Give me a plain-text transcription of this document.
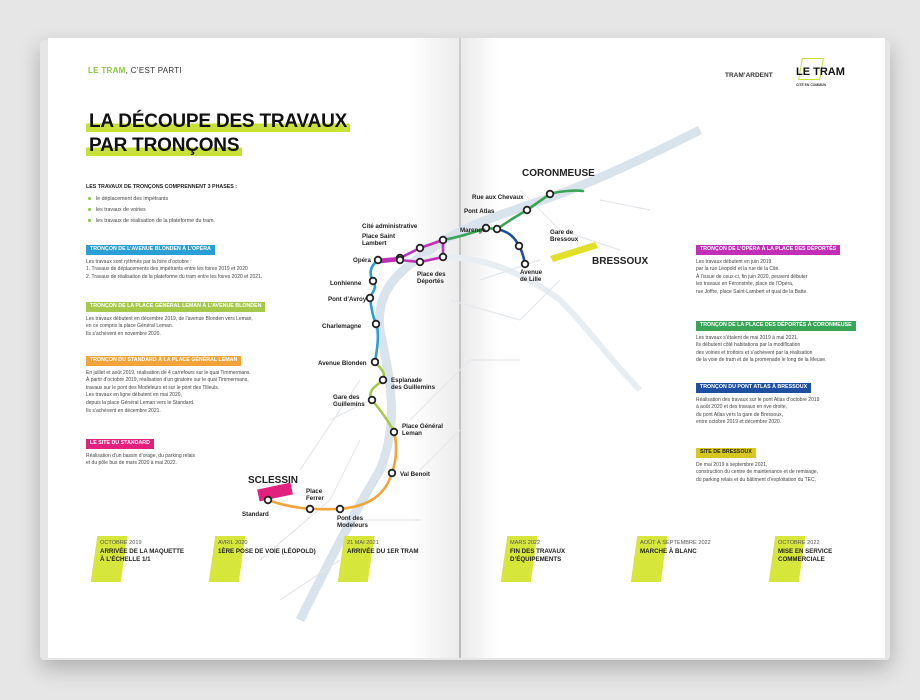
LE TRAM, C’EST PARTI
LA DÉCOUPE DES TRAVAUX
PAR TRONÇONS
LES TRAVAUX DE TRONÇONS COMPRENNENT 3 PHASES :
le déplacement des impétrants
les travaux de voiries
les travaux de réalisation de la plateforme du tram.
TRONÇON DE L’AVENUE BLONDEN À L’OPÉRA
Les travaux sont rythmés par la foire d’octobre :
1. Travaux de déplacements des impétrants entre les foires 2019 et 2020
2. Travaux de réalisation de la plateforme du tram entre les foires 2020 et 2021.
TRONÇON DE LA PLACE GÉNÉRAL LEMAN À L’AVENUE BLONDEN
Les travaux débutent en décembre 2019, de l’avenue Blonden vers Leman,
en ce compris la place Général Leman.
Ils s’achèvent en novembre 2020.
TRONÇON DU STANDARD À LA PLACE GÉNÉRAL LEMAN
En juillet et août 2019, réalisation de 4 carrefours sur le quai Timmermans.
À partir d’octobre 2019, réalisation d’un giratoire sur le quai Timmermans,
travaux sur le pont des Modeleurs et sur le pont des Tilleuls.
Les travaux en ligne débutent en mai 2020,
depuis la place Général Leman vers le Standard.
Ils s’achèvent en décembre 2021.
LE SITE DU STANDARD
Réalisation d’un bassin d’orage, du parking relais
et du pôle bus de mars 2020 à mai 2022.
TRAM’ARDENT LE TRAM
CITÉ EN COMMUN
TRONÇON DE L’OPÉRA À LA PLACE DES DÉPORTÉS
Les travaux débutent en juin 2019
par la rue Léopold et la rue de la Cité.
À l’issue de ceux-ci, fin juin 2020, peuvent débuter
les travaux en Féronstrée, place de l’Opéra,
rue Joffre, place Saint-Lambert et quai de la Batte.
TRONÇON DE LA PLACE DES DÉPORTÉS À CORONMEUSE
Les travaux s’étalent de mai 2019 à mai 2021.
Ils débutent côté habitations par la modification
des voiries et trottoirs et s’achèvent par la réalisation
de la voie de tram et de la promenade le long de la Meuse.
TRONÇON DU PONT ATLAS À BRESSOUX
Réalisation des travaux sur le pont Atlas d’octobre 2019
à août 2020 et des travaux en rive droite,
du pont Atlas vers la gare de Bressoux,
entre octobre 2019 et décembre 2020.
SITE DE BRESSOUX
De mai 2019 à septembre 2021,
construction du centre de maintenance et de remisage,
du parking relais et du bâtiment d’exploitation du TEC.
CORONMEUSE
SCLESSIN
BRESSOUX
Standard
Val Benoit
Avenue Blonden
Charlemagne
Pont d’Avroy
Lonhienne
Opéra
Cité administrative
Marengo
Pont Atlas
Rue aux Chevaux
Place Ferrer
Pont des Modeleurs
Place Général Leman
Gare des Guillemins
Esplanade des Guillemins
Place Saint Lambert
Place des Déportés
Gare de Bressoux
Avenue de Lille
OCTOBRE 2019
ARRIVÉE DE LA MAQUETTE
À L’ÉCHELLE 1/1
AVRIL 2020
1ÈRE POSE DE VOIE (LÉOPOLD)
21 MAI 2021
ARRIVÉE DU 1ER TRAM
MARS 2022
FIN DES TRAVAUX
D’ÉQUIPEMENTS
AOÛT À SEPTEMBRE 2022
MARCHE À BLANC
OCTOBRE 2022
MISE EN SERVICE
COMMERCIALE
